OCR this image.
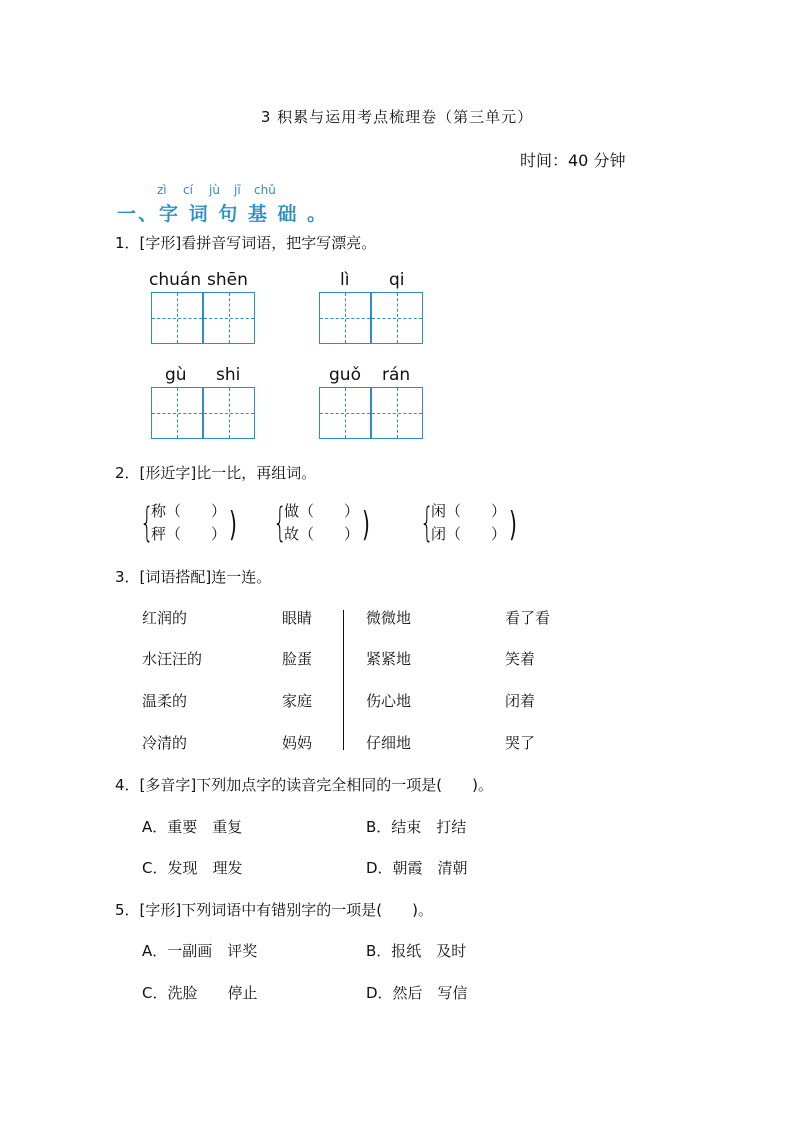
3 积累与运用考点梳理卷（第三单元）
时间：40 分钟
zì cí jù jī chǔ
一、字 词 句 基 础 。
1．[字形]看拼音写词语，把字写漂亮。
chuán shēn	lì qi
gù shi	guǒ rán
2．[形近字]比一比，再组词。
{
称（　　）
秤（　　） ) {
做（　　）
故（　　） ) {
闲（　　）
闭（　　） )
3．[词语搭配]连一连。
红润的	眼睛
水汪汪的	脸蛋
温柔的	家庭
冷清的	妈妈
微微地	看了看
紧紧地	笑着
伤心地	闭着
仔细地	哭了
4．[多音字]下列加点字的读音完全相同的一项是(　　)。
A．重要　重复	B．结束　打结
C．发现　理发	D．朝霞　清朝
5．[字形]下列词语中有错别字的一项是(　　)。
A．一副画　评奖	B．报纸　及时
C．洗脸　　停止	D．然后　写信
